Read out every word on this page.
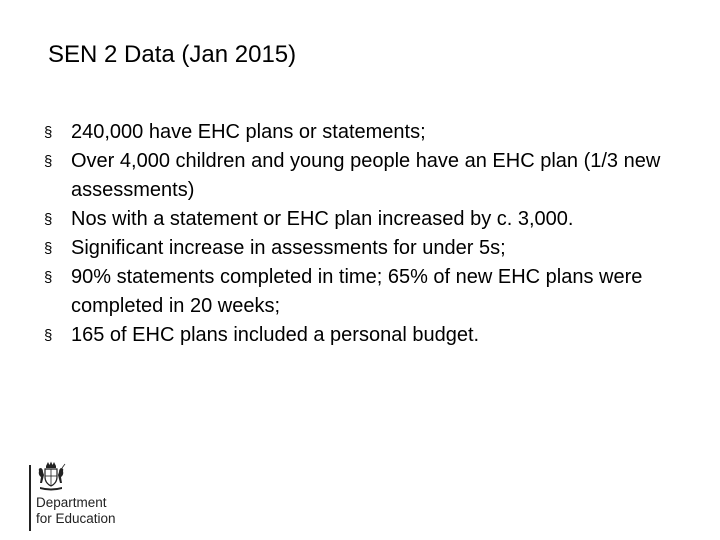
SEN 2 Data (Jan 2015)
§ 240,000 have EHC plans or statements;
§ Over 4,000 children and young people have an EHC plan (1/3 new assessments)
§ Nos with a statement or EHC plan increased by c. 3,000.
§ Significant increase in assessments for under 5s;
§ 90% statements completed in time; 65% of new EHC plans were completed in 20 weeks;
§ 165 of EHC plans included a personal budget.
Department
for Education
